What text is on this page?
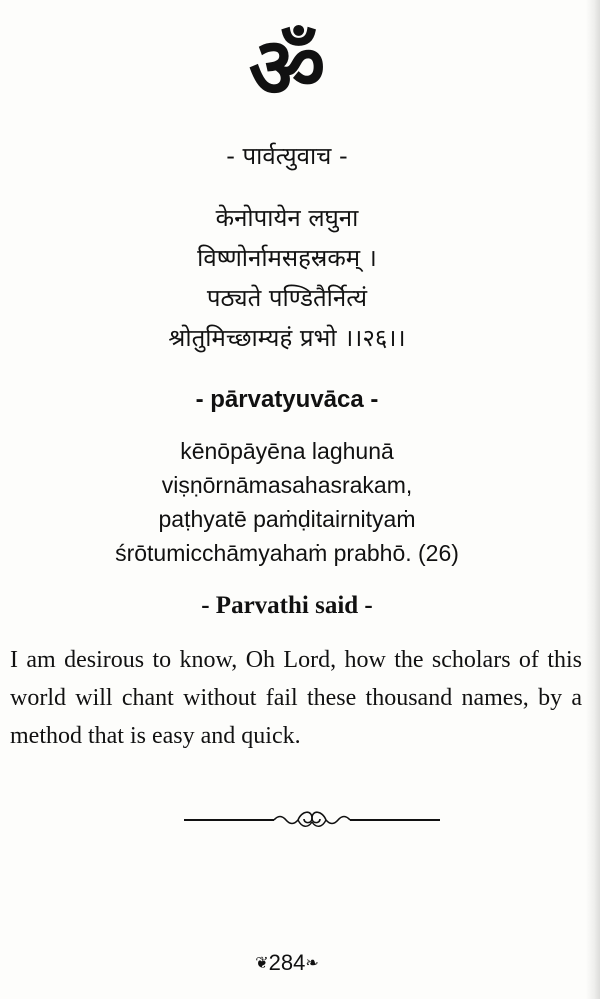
ॐ
- पार्वत्युवाच -
केनोपायेन लघुना
विष्णोर्नामसहस्रकम् ।
पठ्यते पण्डितैर्नित्यं
श्रोतुमिच्छाम्यहं प्रभो ।।२६।।
- pārvatyuvāca -
kēnōpāyēna laghunā
viṣṇōrnāmasahasrakam,
paṭhyatē paṁḍitairnityaṁ
śrōtumicchāmyahaṁ prabhō. (26)
- Parvathi said -
I am desirous to know, Oh Lord, how the scholars of this world will chant without fail these thousand names, by a method that is easy and quick.
❦284❧
